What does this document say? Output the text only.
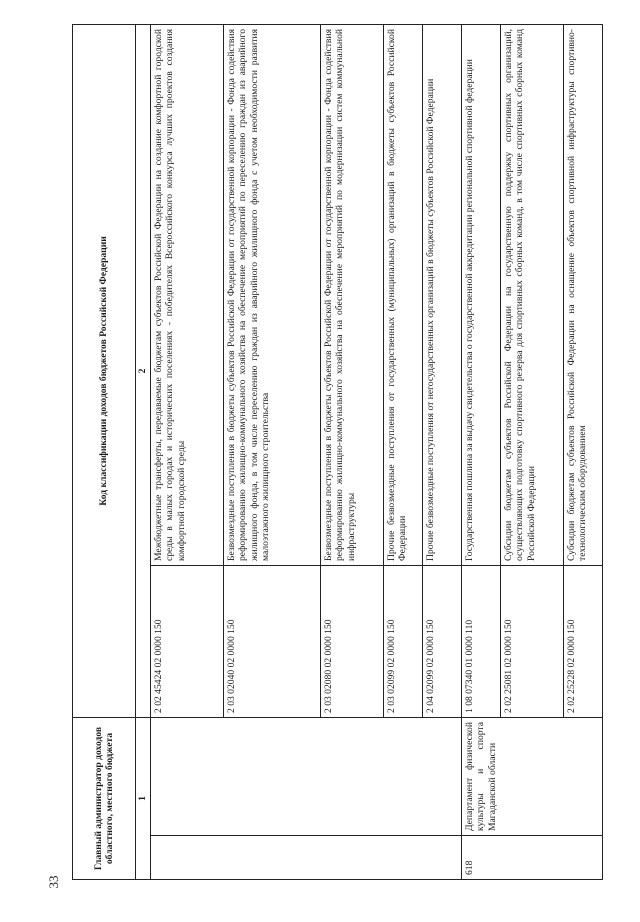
33
Главный администратор доходов областного, местного бюджета		Код классификации доходов бюджетов Российской Федерации	
1		2	
		2 02 45424 02 0000 150	Межбюджетные трансферты, передаваемые бюджетам субъектов Российской Федерации на создание комфортной городской среды в малых городах и исторических поселениях - победителях Всероссийского конкурса лучших проектов создания комфортной городской среды
		2 03 02040 02 0000 150	Безвозмездные поступления в бюджеты субъектов Российской Федерации от государственной корпорации - Фонда содействия реформированию жилищно-коммунального хозяйства на обеспечение мероприятий по переселению граждан из аварийного жилищного фонда, в том числе переселению граждан из аварийного жилищного фонда с учетом необходимости развития малоэтажного жилищного строительства
		2 03 02080 02 0000 150	Безвозмездные поступления в бюджеты субъектов Российской Федерации от государственной корпорации - Фонда содействия реформированию жилищно-коммунального хозяйства на обеспечение мероприятий по модернизации систем коммунальной инфраструктуры
		2 03 02099 02 0000 150	Прочие безвозмездные поступления от государственных (муниципальных) организаций в бюджеты субъектов Российской Федерации
		2 04 02099 02 0000 150	Прочие безвозмездные поступления от негосударственных организаций в бюджеты субъектов Российской Федерации
618	Департамент физической культуры и спорта Магаданской области	1 08 07340 01 0000 110	Государственная пошлина за выдачу свидетельства о государственной аккредитации региональной спортивной федерации
		2 02 25081 02 0000 150	Субсидии бюджетам субъектов Российской Федерации на государственную поддержку спортивных организаций, осуществляющих подготовку спортивного резерва для спортивных сборных команд, в том числе спортивных сборных команд Российской Федерации
		2 02 25228 02 0000 150	Субсидии бюджетам субъектов Российской Федерации на оснащение объектов спортивной инфраструктуры спортивно-технологическим оборудованием
